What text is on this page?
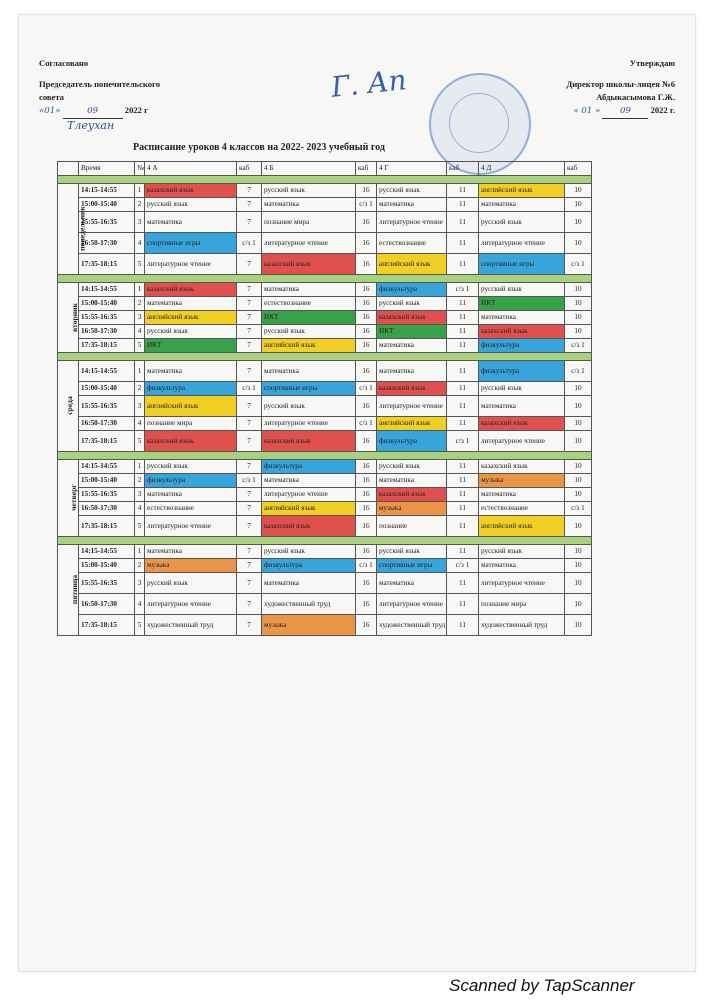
Согласовано
Председатель попечительского
совета
«01»	09	2022 г
Тлеухан
Г. Аn
Утверждаю
Директор школы-лицея №6
Абдыкасымова Г.Ж.
« 01 » 09 2022 г.
Расписание уроков 4 классов на 2022- 2023 учебный год
	Время	№	4 А	каб	4 Б	каб	4 Г	каб	4 Д	каб

понедельник	14:15-14:55	1	казахский язык	7	русский язык	16	русский язык	11	английский язык	10
	15:00-15:40	2	русский язык	7	математика	с/з 1	математика	11	математика	10
	15:55-16:35	3	математика	7	познание мира	16	литературное чтение	11	русский язык	10
	16:50-17:30	4	спортивные игры	с/з 1	литературное чтение	16	естествознание	11	литературное чтение	10
	17:35-18:15	5	литературное чтение	7	казахский язык	16	английский язык	11	спортивные игры	с/з 1

вторник	14:15-14:55	1	казахский язык	7	математика	16	физкультура	с/з 1	русский язык	10
	15:00-15:40	2	математика	7	естествознание	16	русский язык	11	ИКТ	10
	15:55-16:35	3	английский язык	7	ИКТ	16	казахский язык	11	математика	10
	16:50-17:30	4	русский язык	7	русский язык	16	ИКТ	11	казахский язык	10
	17:35-18:15	5	ИКТ	7	английский язык	16	математика	11	физкультура	с/з 1

среда	14:15-14:55	1	математика	7	математика	16	математика	11	физкультура	с/з 1
	15:00-15:40	2	физкультура	с/з 1	спортивные игры	с/з 1	казахский язык	11	русский язык	10
	15:55-16:35	3	английский язык	7	русский язык	16	литературное чтение	11	математика	10
	16:50-17:30	4	познание мира	7	литературное чтение	с/з 1	английский язык	11	казахский язык	10
	17:35-18:15	5	казахский язык	7	казахский язык	16	физкультура	с/з 1	литературное чтение	10

четверг	14:15-14:55	1	русский язык	7	физкультура	16	русский язык	11	казахский язык	10
	15:00-15:40	2	физкультура	с/з 1	математика	16	математика	11	музыка	10
	15:55-16:35	3	математика	7	литературное чтение	16	казахский язык	11	математика	10
	16:50-17:30	4	естествознание	7	английский язык	16	музыка	11	естествознание	с/з 1
	17:35-18:15	5	литературное чтение	7	казахский язык	16	познание	11	английский язык	10

пятница	14:15-14:55	1	математика	7	русский язык	16	русский язык	11	русский язык	10
	15:00-15:40	2	музыка	7	физкультура	с/з 1	спортивные игры	с/з 1	математика	10
	15:55-16:35	3	русский язык	7	математика	16	математика	11	литературное чтение	10
	16:50-17:30	4	литературное чтение	7	художественный труд	16	литературное чтение	11	познание мира	10
	17:35-18:15	5	художественный труд	7	музыка	16	художественный труд	11	художественный труд	10
Scanned by TapScanner
